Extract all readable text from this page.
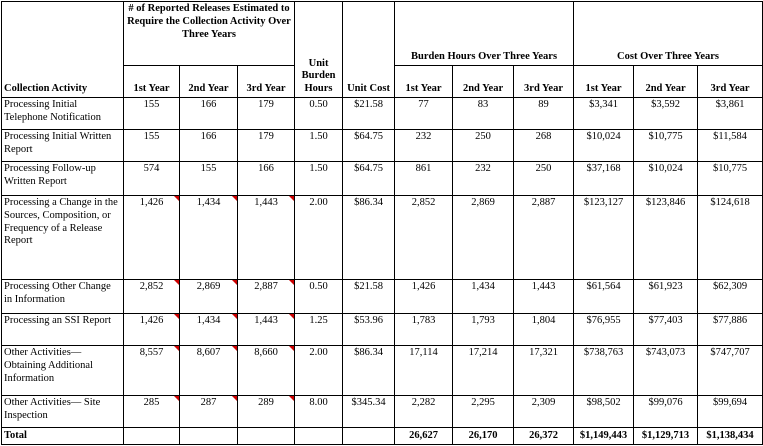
Collection Activity	# of Reported Releases Estimated to Require the Collection Activity Over Three Years			Unit Burden Hours	Unit Cost	Burden Hours Over Three Years			Cost Over Three Years		
	1st Year	2nd Year	3rd Year			1st Year	2nd Year	3rd Year	1st Year	2nd Year	3rd Year
Processing Initial Telephone Notification	155	166	179	0.50	$21.58	77	83	89	$3,341	$3,592	$3,861
Processing Initial Written Report	155	166	179	1.50	$64.75	232	250	268	$10,024	$10,775	$11,584
Processing Follow-up Written Report	574	155	166	1.50	$64.75	861	232	250	$37,168	$10,024	$10,775
Processing a Change in the Sources, Composition, or Frequency of a Release Report	1,426	1,434	1,443	2.00	$86.34	2,852	2,869	2,887	$123,127	$123,846	$124,618
Processing Other Change in Information	2,852	2,869	2,887	0.50	$21.58	1,426	1,434	1,443	$61,564	$61,923	$62,309
Processing an SSI Report	1,426	1,434	1,443	1.25	$53.96	1,783	1,793	1,804	$76,955	$77,403	$77,886
Other Activities–– Obtaining Additional Information	8,557	8,607	8,660	2.00	$86.34	17,114	17,214	17,321	$738,763	$743,073	$747,707
Other Activities–– Site Inspection	285	287	289	8.00	$345.34	2,282	2,295	2,309	$98,502	$99,076	$99,694
Total						26,627	26,170	26,372	$1,149,443	$1,129,713	$1,138,434
